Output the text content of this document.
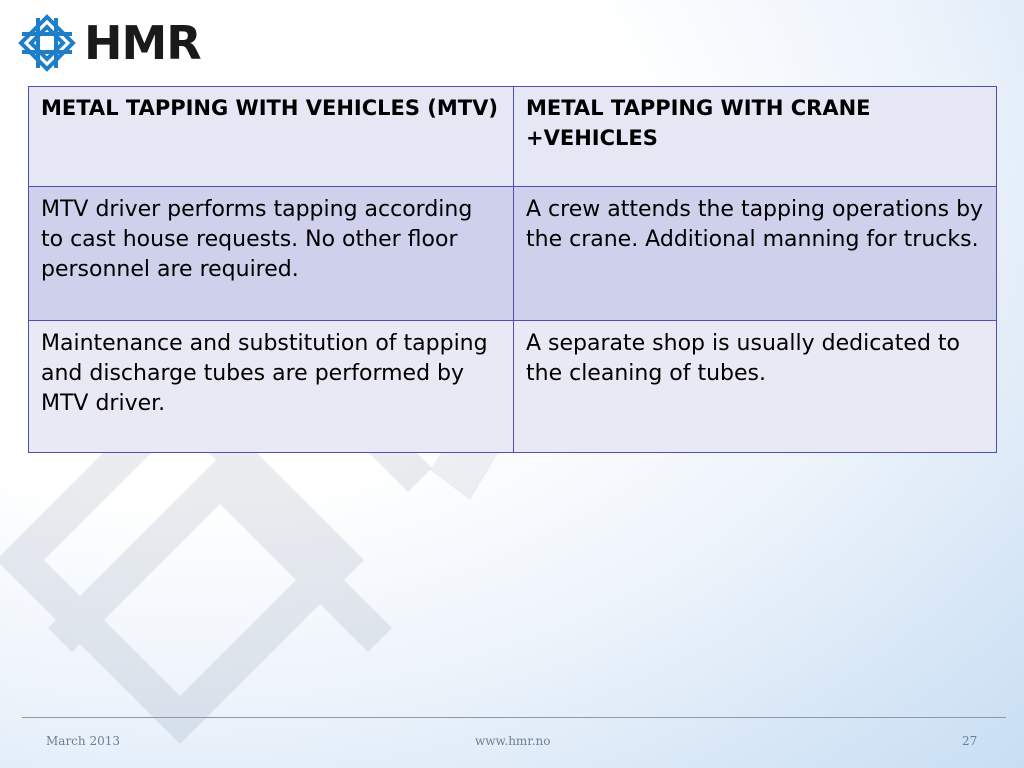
HMR
METAL TAPPING WITH VEHICLES (MTV)	METAL TAPPING WITH CRANE +VEHICLES
MTV driver performs tapping according to cast house requests. No other floor personnel are required.	A crew attends the tapping operations by the crane. Additional manning for trucks.
Maintenance and substitution of tapping and discharge tubes are performed by MTV driver.	A separate shop is usually dedicated to the cleaning of tubes.
March 2013	www.hmr.no	27
